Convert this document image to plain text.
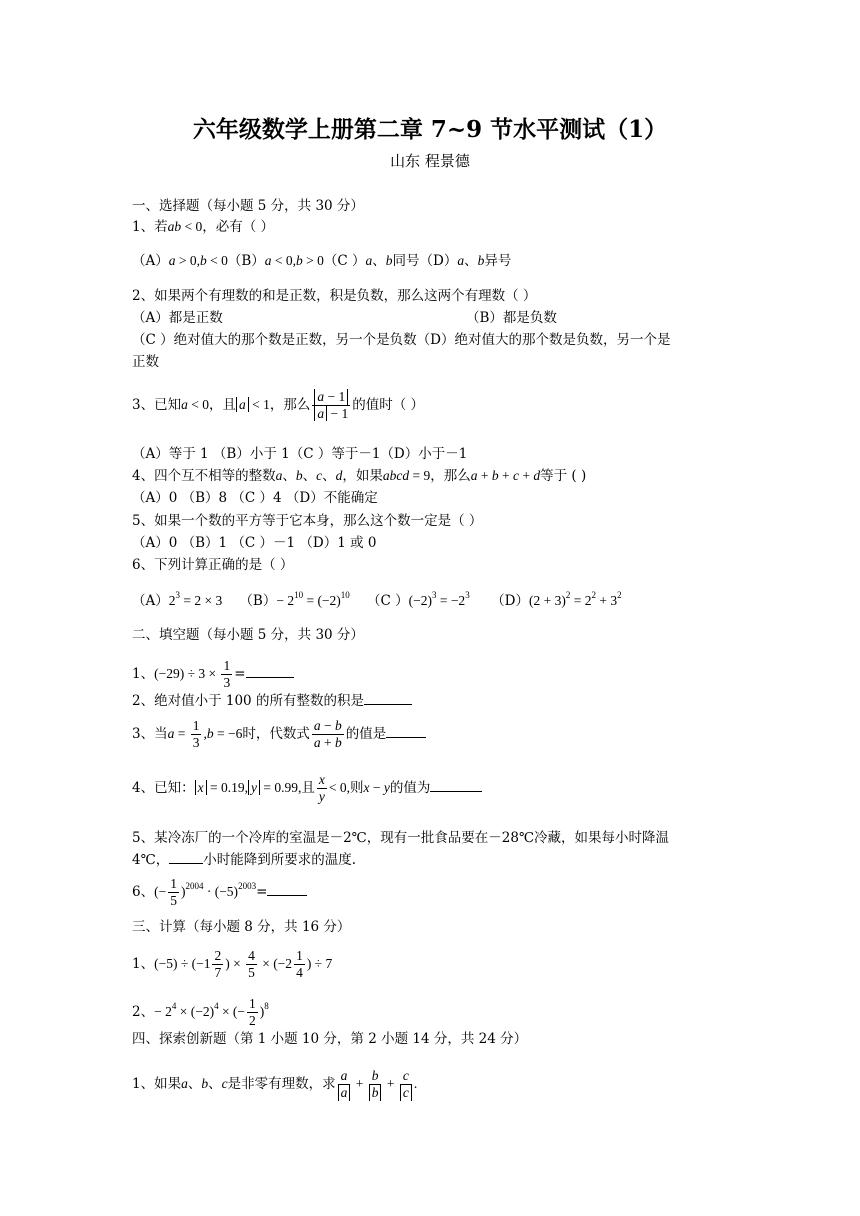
六年级数学上册第二章 7~9 节水平测试（1）
山东 程景德
一、选择题（每小题 5 分，共 30 分）
1、若ab < 0，必有（ ）
（A）a > 0,b < 0（B）a < 0,b > 0（C ）a、b同号（D）a、b异号
2、如果两个有理数的和是正数，积是负数，那么这两个有理数（ ）
（A）都是正数	（B）都是负数
（C ）绝对值大的那个数是正数，另一个是负数（D）绝对值大的那个数是负数，另一个是
正数
3、已知a < 0，且 a < 1，那么 $\frac{a - 1}{a - 1}$ 的值时（ ）
（A）等于 1 （B）小于 1（C ）等于－1（D）小于－1
4、四个互不相等的整数a、b、c、d，如果abcd = 9，那么a + b + c + d等于 ( )
（A）0 （B）8 （C ）4 （D）不能确定
5、如果一个数的平方等于它本身，那么这个数一定是（ ）
（A）0 （B）1 （C ）－1 （D）1 或 0
6、下列计算正确的是（ ）
$(A)2^3 = 2 \times 3$ $(B)- 2^{10} = (-2)^{10}$ （C ）$(-2)^3 = -2^3$ $(D)(2 + 3)^2 = 2^2 + 3^2$
二、填空题（每小题 5 分，共 30 分）
1、$(-29) \div 3 \times \frac{1}{3}$ =
2、绝对值小于 100 的所有整数的积是
3、当$a = \frac{1}{3} ,b = -6$时，代数式 $\frac{a - b}{a + b}$ 的值是
4、已知： x = 0.19, y = 0.99,且 $\frac{x}{y} < 0$,则x − y的值为
5、某冷冻厂的一个冷库的室温是－2℃，现有一批食品要在－28℃冷藏，如果每小时降温
4℃，	小时能降到所要求的温度.
6、(− $\frac{1}{5} )^{2004} \cdot (-5)^{2003}=$
三、计算（每小题 8 分，共 16 分）
1、$(-5) \div (-1 \frac{2}{7}$ ) × $\frac{4}{5} \times (-2 \frac{1}{4}$ ) ÷ 7
2、− $2^4 \times (-2)^4$ × (− $\frac{1}{2} )^8$
四、探索创新题（第 1 小题 10 分，第 2 小题 14 分，共 24 分）
1、如果a、b、c是非零有理数，求 $\frac{a}{a} + \frac{b}{b} + \frac{c}{c}$ .
